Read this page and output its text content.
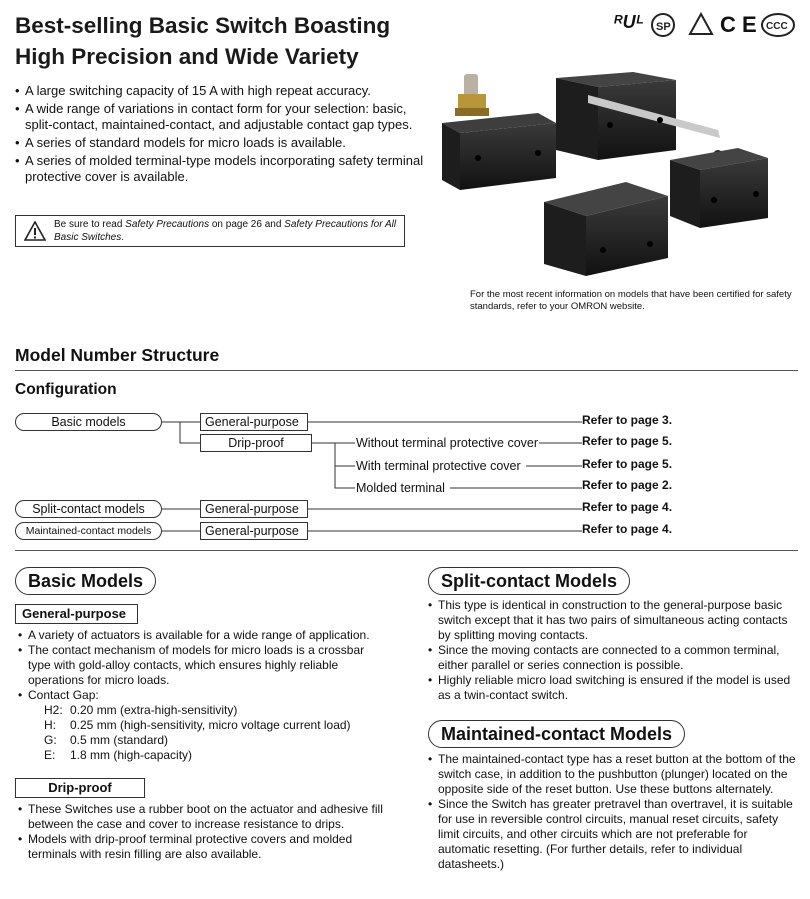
Best-selling Basic Switch Boasting
High Precision and Wide Variety
ᴿUᴸ SP C E CCC
• A large switching capacity of 15 A with high repeat accuracy.
• A wide range of variations in contact form for your selection: basic, split-contact, maintained-contact, and adjustable contact gap types.
• A series of standard models for micro loads is available.
• A series of molded terminal-type models incorporating safety terminal protective cover is available.
Be sure to read Safety Precautions on page 26 and Safety Precautions for All Basic Switches.
For the most recent information on models that have been certified for safety standards, refer to your OMRON website.
Model Number Structure
Configuration
Basic models
Split-contact models
Maintained-contact models
General-purpose
Drip-proof
General-purpose
General-purpose
Without terminal protective cover
With terminal protective cover
Molded terminal
Refer to page 3.
Refer to page 5.
Refer to page 5.
Refer to page 2.
Refer to page 4.
Refer to page 4.
Basic Models
General-purpose
• A variety of actuators is available for a wide range of application.
• The contact mechanism of models for micro loads is a crossbar type with gold-alloy contacts, which ensures highly reliable operations for micro loads.
• Contact Gap:
H2: 0.20 mm (extra-high-sensitivity)
H: 0.25 mm (high-sensitivity, micro voltage current load)
G: 0.5 mm (standard)
E: 1.8 mm (high-capacity)
Drip-proof
• These Switches use a rubber boot on the actuator and adhesive fill between the case and cover to increase resistance to drips.
• Models with drip-proof terminal protective covers and molded terminals with resin filling are also available.
Split-contact Models
• This type is identical in construction to the general-purpose basic switch except that it has two pairs of simultaneous acting contacts by splitting moving contacts.
• Since the moving contacts are connected to a common terminal, either parallel or series connection is possible.
• Highly reliable micro load switching is ensured if the model is used as a twin-contact switch.
Maintained-contact Models
• The maintained-contact type has a reset button at the bottom of the switch case, in addition to the pushbutton (plunger) located on the opposite side of the reset button. Use these buttons alternately.
• Since the Switch has greater pretravel than overtravel, it is suitable for use in reversible control circuits, manual reset circuits, safety limit circuits, and other circuits which are not preferable for automatic resetting. (For further details, refer to individual datasheets.)
